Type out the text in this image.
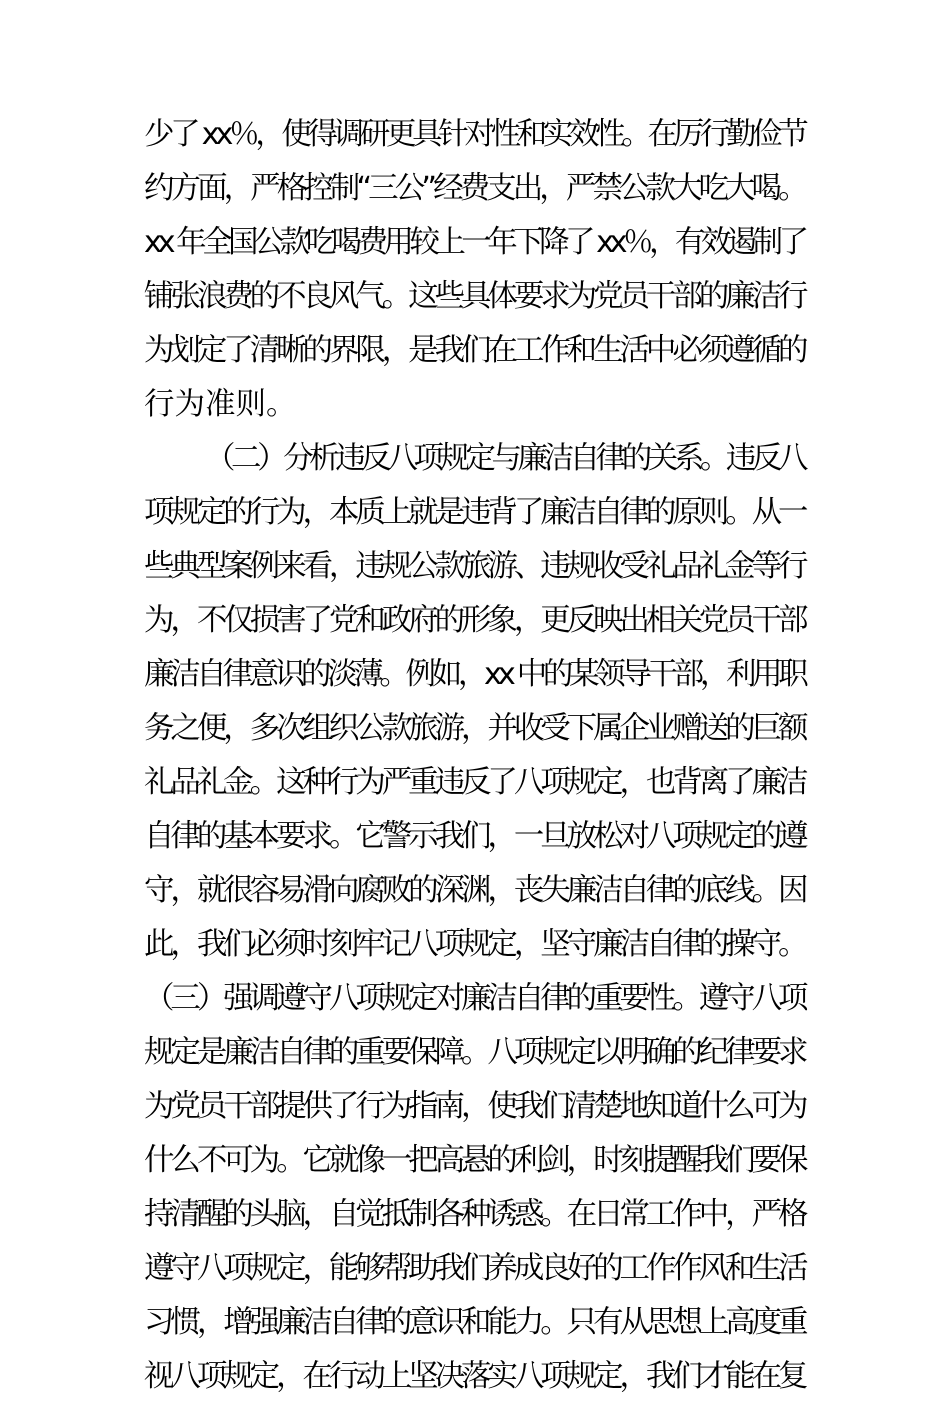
少了 xx％，使得调研更具针对性和实效性。在厉行勤俭节
约方面，严格控制“三公”经费支出，严禁公款大吃大喝。
xx 年全国公款吃喝费用较上一年下降了 xx％，有效遏制了
铺张浪费的不良风气。这些具体要求为党员干部的廉洁行
为划定了清晰的界限，是我们在工作和生活中必须遵循的
行为准则。
（二）分析违反八项规定与廉洁自律的关系。违反八
项规定的行为，本质上就是违背了廉洁自律的原则。从一
些典型案例来看，违规公款旅游、违规收受礼品礼金等行
为，不仅损害了党和政府的形象，更反映出相关党员干部
廉洁自律意识的淡薄。例如，xx 中的某领导干部，利用职
务之便，多次组织公款旅游，并收受下属企业赠送的巨额
礼品礼金。这种行为严重违反了八项规定，也背离了廉洁
自律的基本要求。它警示我们，一旦放松对八项规定的遵
守，就很容易滑向腐败的深渊，丧失廉洁自律的底线。因
此，我们必须时刻牢记八项规定，坚守廉洁自律的操守。
（三）强调遵守八项规定对廉洁自律的重要性。遵守八项
规定是廉洁自律的重要保障。八项规定以明确的纪律要求
为党员干部提供了行为指南，使我们清楚地知道什么可为
什么不可为。它就像一把高悬的利剑，时刻提醒我们要保
持清醒的头脑，自觉抵制各种诱惑。在日常工作中，严格
遵守八项规定，能够帮助我们养成良好的工作作风和生活
习惯，增强廉洁自律的意识和能力。只有从思想上高度重
视八项规定，在行动上坚决落实八项规定，我们才能在复
